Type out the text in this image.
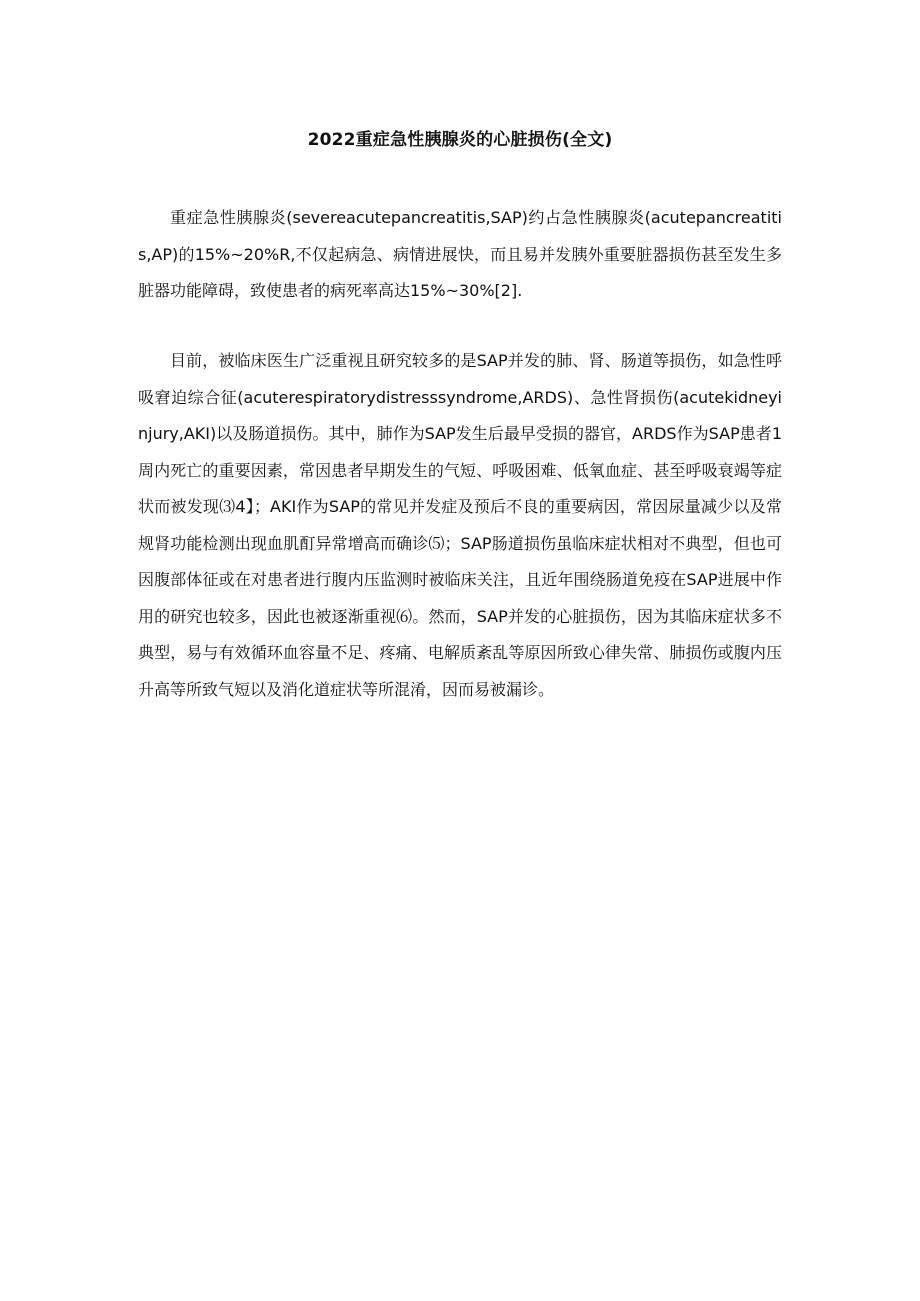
2022重症急性胰腺炎的心脏损伤(全文)

重症急性胰腺炎(severeacutepancreatitis,SAP)约占急性胰腺炎(acutepancreatitis,AP)的15%~20%R,不仅起病急、病情进展快，而且易并发胰外重要脏器损伤甚至发生多脏器功能障碍，致使患者的病死率高达15%~30%[2].

目前，被临床医生广泛重视且研究较多的是SAP并发的肺、肾、肠道等损伤，如急性呼吸窘迫综合征(acuterespiratorydistresssyndrome,ARDS)、急性肾损伤(acutekidneyinjury,AKI)以及肠道损伤。其中，肺作为SAP发生后最早受损的器官，ARDS作为SAP患者1周内死亡的重要因素，常因患者早期发生的气短、呼吸困难、低氧血症、甚至呼吸衰竭等症状而被发现⑶4】；AKI作为SAP的常见并发症及预后不良的重要病因，常因尿量减少以及常规肾功能检测出现血肌酊异常增高而确诊⑸；SAP肠道损伤虽临床症状相对不典型，但也可因腹部体征或在对患者进行腹内压监测时被临床关注，且近年围绕肠道免疫在SAP进展中作用的研究也较多，因此也被逐渐重视⑹。然而，SAP并发的心脏损伤，因为其临床症状多不典型，易与有效循环血容量不足、疼痛、电解质紊乱等原因所致心律失常、肺损伤或腹内压升高等所致气短以及消化道症状等所混淆，因而易被漏诊。
